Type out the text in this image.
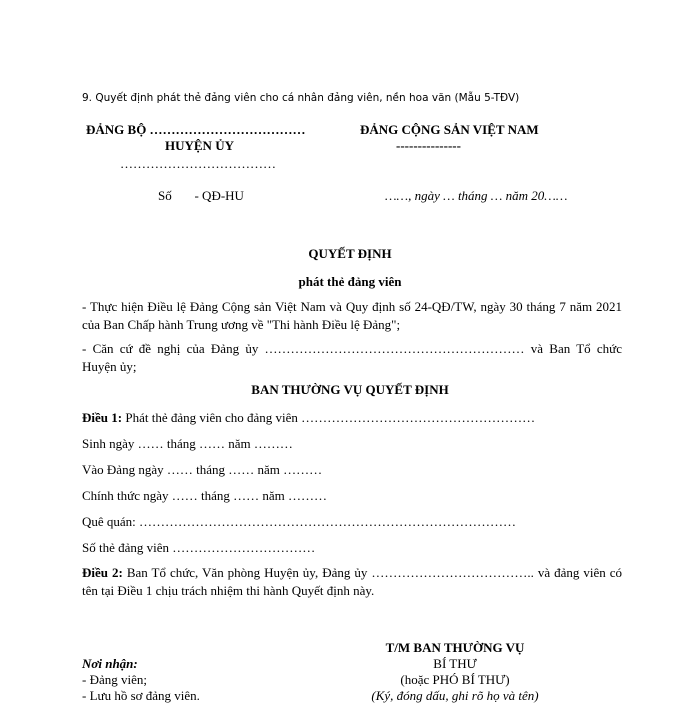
9. Quyết định phát thẻ đảng viên cho cá nhân đảng viên, nền hoa văn (Mẫu 5-TĐV)
ĐẢNG BỘ ………………………………
HUYỆN ỦY
………………………………
ĐẢNG CỘNG SẢN VIỆT NAM
---------------
Số       - QĐ-HU	……, ngày … tháng … năm 20……
QUYẾT ĐỊNH
phát thẻ đảng viên
- Thực hiện Điều lệ Đảng Cộng sản Việt Nam và Quy định số 24-QĐ/TW, ngày 30 tháng 7 năm 2021 của Ban Chấp hành Trung ương về "Thi hành Điều lệ Đảng";
- Căn cứ đề nghị của Đảng ủy …………………………………………………… và Ban Tổ chức Huyện ủy;
BAN THƯỜNG VỤ QUYẾT ĐỊNH
Điều 1: Phát thẻ đảng viên cho đảng viên ………………………………………………
Sinh ngày …… tháng …… năm ………
Vào Đảng ngày …… tháng …… năm ………
Chính thức ngày …… tháng …… năm ………
Quê quán: ……………………………………………………………………………
Số thẻ đảng viên ……………………………
Điều 2: Ban Tổ chức, Văn phòng Huyện ủy, Đảng ủy ……………………………….. và đảng viên có tên tại Điều 1 chịu trách nhiệm thi hành Quyết định này.
T/M BAN THƯỜNG VỤ
BÍ THƯ
(hoặc PHÓ BÍ THƯ)
(Ký, đóng dấu, ghi rõ họ và tên)
Nơi nhận:
- Đảng viên;
- Lưu hồ sơ đảng viên.
